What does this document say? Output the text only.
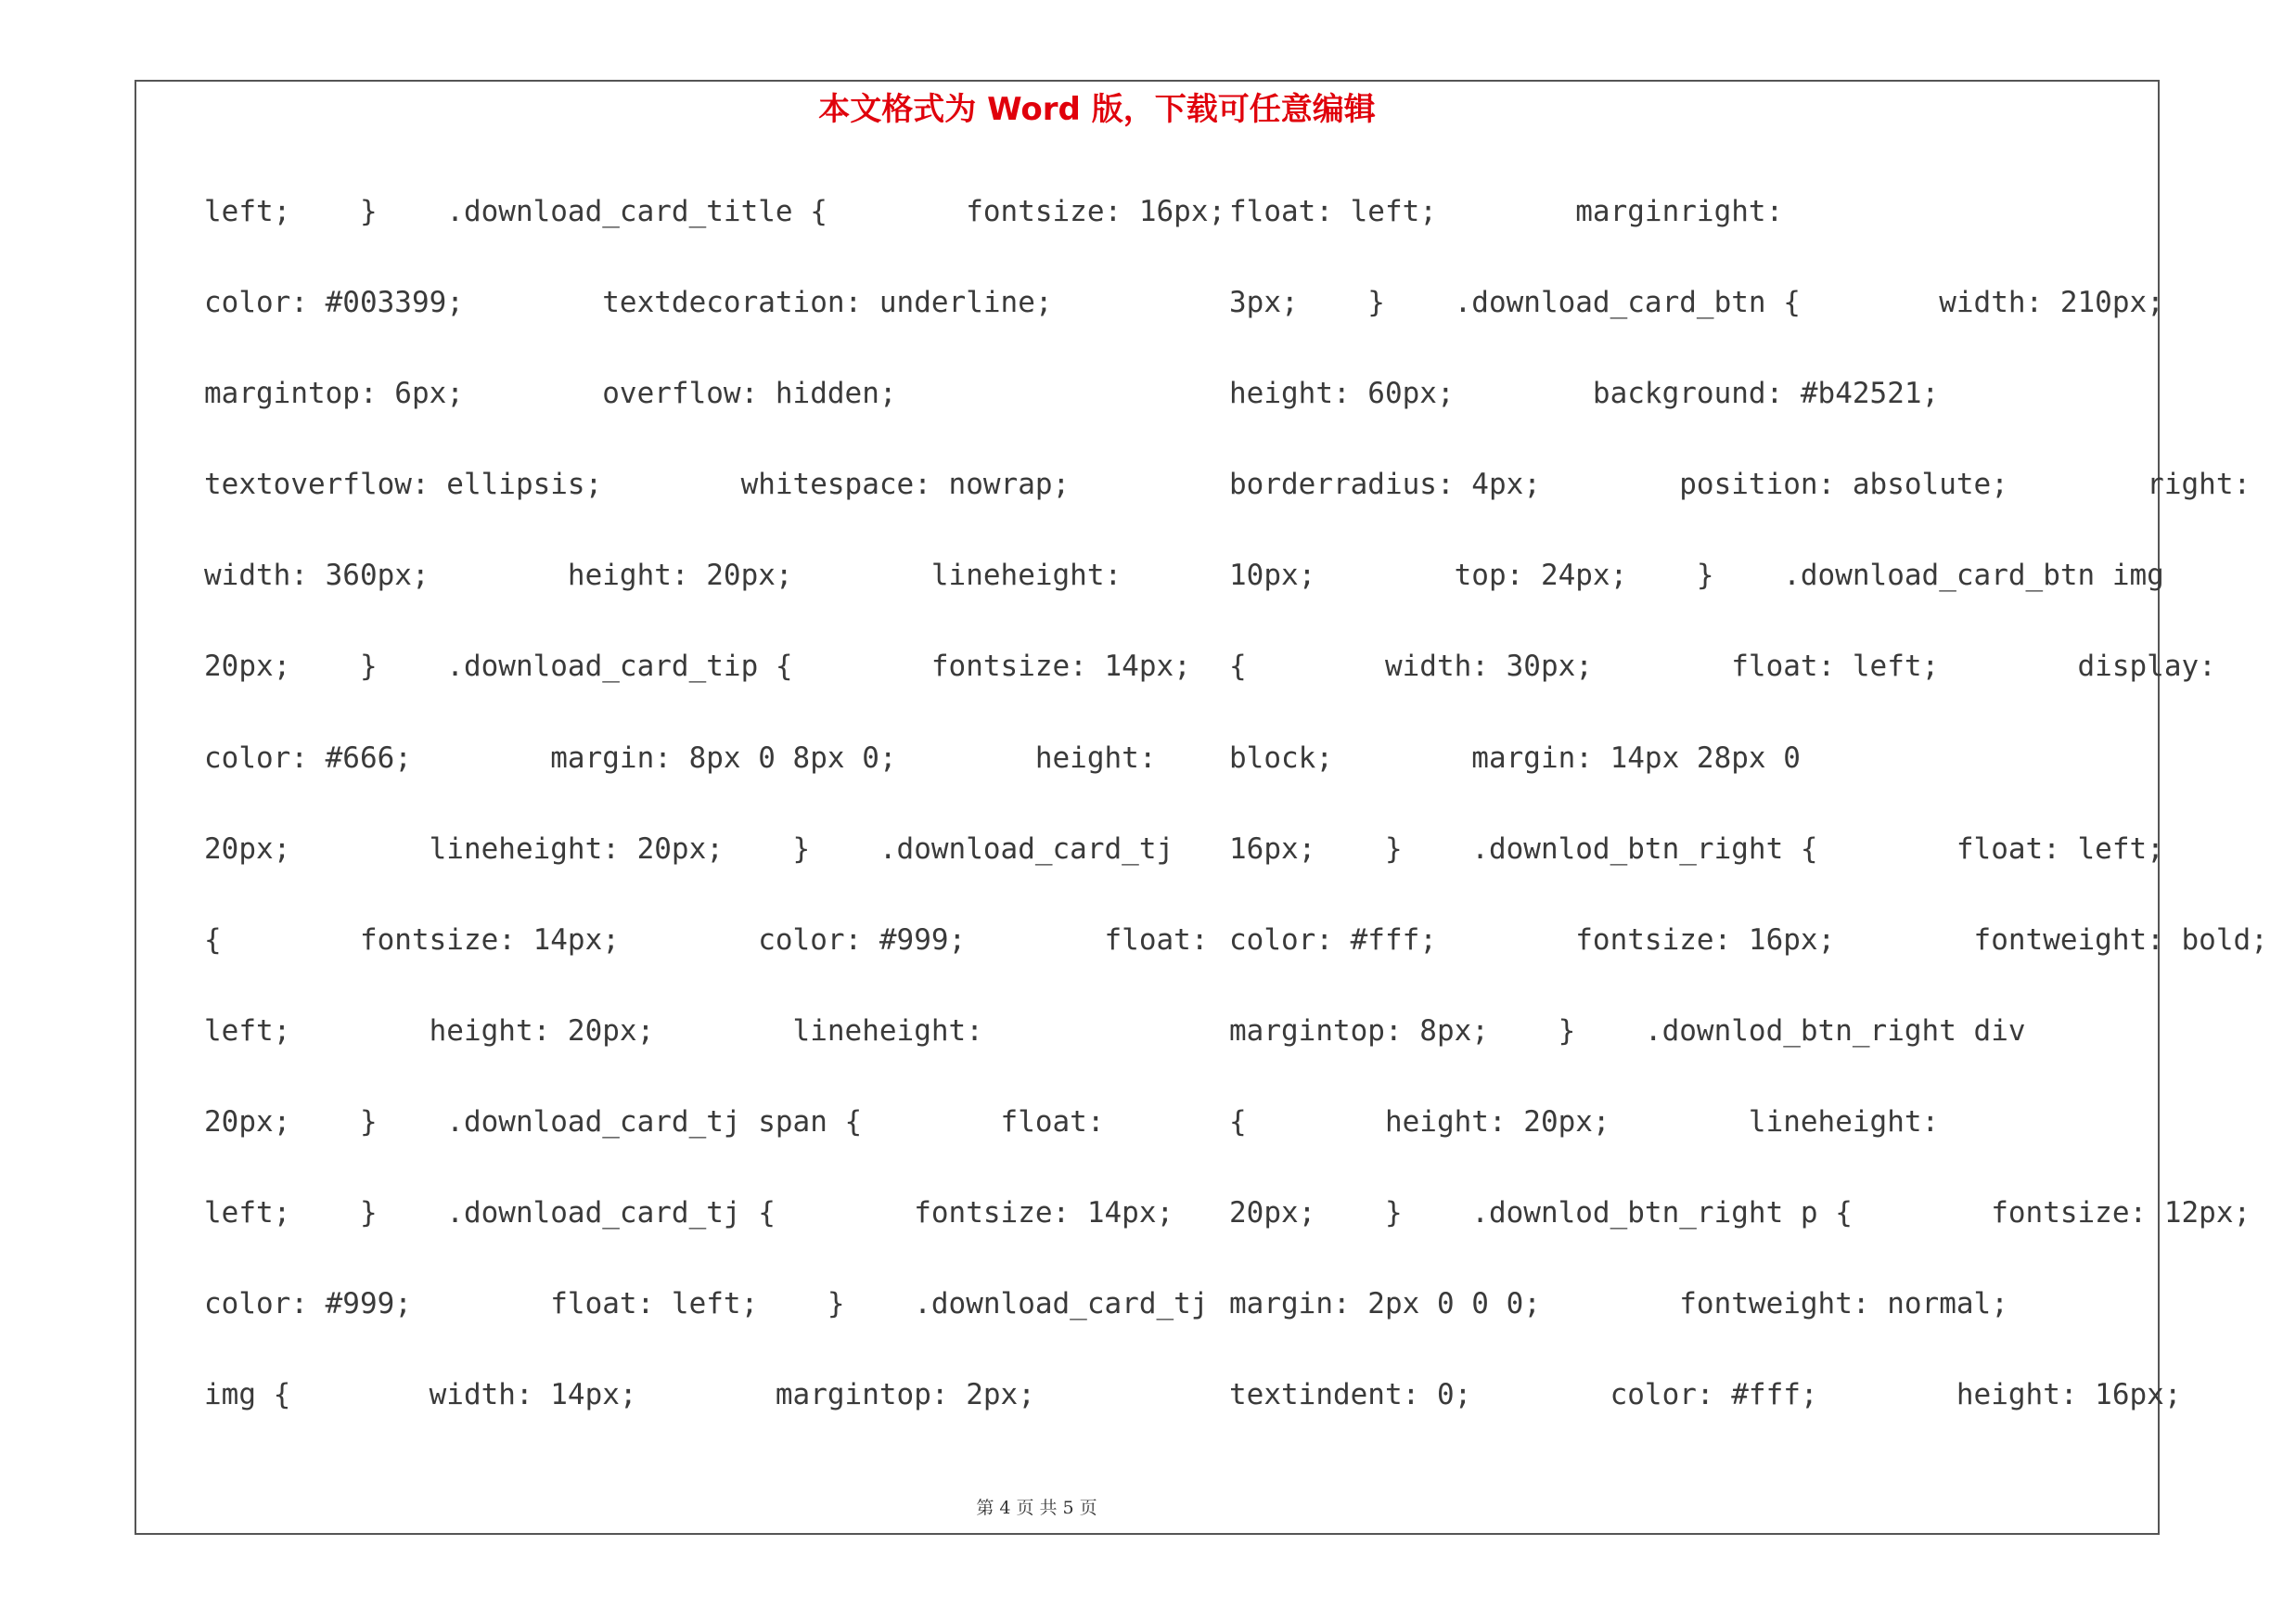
本文格式为 Word 版，下载可任意编辑
left;    }    .download_card_title {        fontsize: 16px;
color: #003399;        textdecoration: underline;
margintop: 6px;        overflow: hidden;
textoverflow: ellipsis;        whitespace: nowrap;
width: 360px;        height: 20px;        lineheight:
20px;    }    .download_card_tip {        fontsize: 14px;
color: #666;        margin: 8px 0 8px 0;        height:
20px;        lineheight: 20px;    }    .download_card_tj
{        fontsize: 14px;        color: #999;        float:
left;        height: 20px;        lineheight:
20px;    }    .download_card_tj span {        float:
left;    }    .download_card_tj {        fontsize: 14px;
color: #999;        float: left;    }    .download_card_tj
img {        width: 14px;        margintop: 2px;
float: left;        marginright:
3px;    }    .download_card_btn {        width: 210px;
height: 60px;        background: #b42521;
borderradius: 4px;        position: absolute;        right:
10px;        top: 24px;    }    .download_card_btn img
{        width: 30px;        float: left;        display:
block;        margin: 14px 28px 0
16px;    }    .downlod_btn_right {        float: left;
color: #fff;        fontsize: 16px;        fontweight: bold;
margintop: 8px;    }    .downlod_btn_right div
{        height: 20px;        lineheight:
20px;    }    .downlod_btn_right p {        fontsize: 12px;
margin: 2px 0 0 0;        fontweight: normal;
textindent: 0;        color: #fff;        height: 16px;
第 4 页 共 5 页
